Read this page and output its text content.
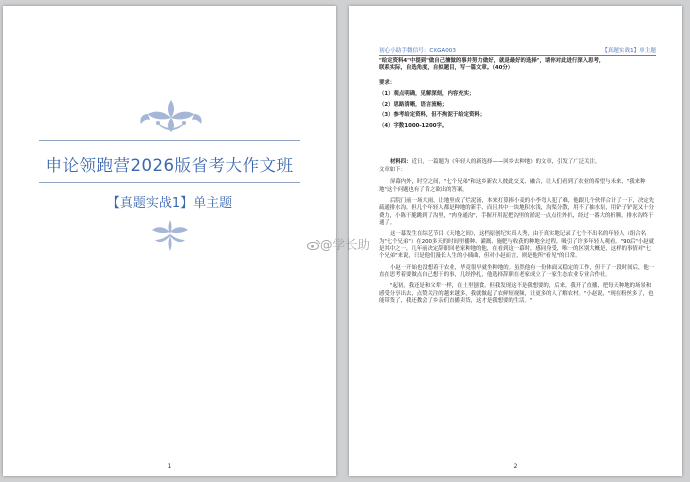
申论领跑营2026版省考大作文班
【真题实战1】单主题
1
初心小助手微信号：CXGA003	【真题实战1】单主题
"给定资料4"中提到"做自己擅做的事并努力做好，就是最好的选择"，请你对此进行深入思考，
联系实际，自选角度，自拟题目，写一篇文章。（40分）
要求：
（1）观点明确，见解深刻，内容充实；
（2）思路清晰，语言流畅；
（3）参考给定资料，但不拘泥于给定资料；
（4）字数1000-1200字。
材料四：近日，一篇题为《年轻人的新选择——回乡去种地》的文章，引发了广泛关注。
文章如下：

屏幕内外，时空之间，"七个兄弟"和这乡新农人彼此交叉、融合，让人们看到了农业的希望与未来，"我来种地"这个问题也有了肯之欲出的答案。

后院门前一场大雨，让地里成了烂泥汤，本来打算捧小麦的小李弯人犯了难，他跟几个伙伴合计了一下，决定先疏通排水沟。但几个年轻人都是种地的新手，而且其中一块地积水浅，沟渠分散，用不了抽水泵，用铲子铲泥又十分费力，小陈干脆跳到了沟里，"肉身通沟"，手握开用泥把沟里的淤泥一点点往外扒，经过一番大的折腾，排水沟终于通了。

这一幕发生在综艺节目《天地之间》，这档原创纪实真人秀，由于真实地记录了七个不出名的年轻人（组合名为"七个兄弟"）在200多天的时间里播种、灌溉、施肥与收获的种地全过程，吸引了许多年轻人观看。"90后"小赵就是其中之一，几年前决定辞职回老家种地的他，在看到这一幕时，感同身受，唯一的区别大概是，这样的事情对"七个兄弟"来说，只是他们漫长人生的小插曲，但对小赵而言，则是他所"看见"的日常。

小赵一开始也没想着干农业，毕竟很早就坐种地的。虽然他有一份体面又稳定的工作，但干了一段时间后，他一直在思考着要做点自己想干的事，几经挣扎，他选择辞职在老家成立了一家生态农业专业合作社。

"起初，我还是和父辈一样，在土里刨食，但我发现这不是我想要的，后来，我开了直播，把每天种地的场景和感受分享出去，点赞关注的越来越多，我就做起了农鲜短视频，让更多的人了解农村。"小赵说，"现在粉丝多了，也能带货了，我还教会了乡亲们直播卖货，这才是我想要的生活。"

2
@学长助
